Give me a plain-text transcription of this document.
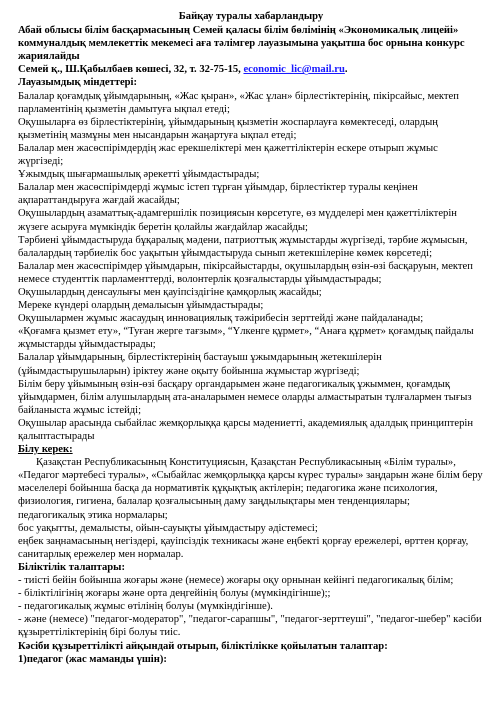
Байқау туралы хабарландыру
Абай облысы білім басқармасының Семей қаласы білім бөлімінің «Экономикалық лицейі» коммуналдық мемлекеттік мекемесі аға тәлімгер лауазымына уақытша бос орнына конкурс жариялайды
Семей қ., Ш.Қабылбаев көшесі, 32, т. 32-75-15, economic_lic@mail.ru.
Лауазымдық міндеттері:

Балалар қоғамдық ұйымдарының, «Жас қыран», «Жас ұлан» бірлестіктерінің, пікірсайыс, мектеп парламентінің қызметін дамытуға ықпал етеді;

Оқушыларға өз бірлестіктерінің, ұйымдарының қызметін жоспарлауға көмектеседі, олардың қызметінің мазмұны мен нысандарын жаңартуға ықпал етеді;

Балалар мен жасөспірімдердің жас ерекшеліктері мен қажеттіліктерін ескере отырып жұмыс жүргізеді;

Ұжымдық шығармашылық әрекетті ұйымдастырады;

Балалар мен жасөспірімдерді жұмыс істеп тұрған ұйымдар, бірлестіктер туралы кеңінен ақпараттандыруға жағдай жасайды;

Оқушылардың азаматтық-адамгершілік позициясын көрсетуге, өз мүдделері мен қажеттіліктерін жүзеге асыруға мүмкіндік беретін қолайлы жағдайлар жасайды;

Тәрбиені ұйымдастыруда бұқаралық мәдени, патриоттық жұмыстарды жүргізеді, тәрбие жұмысын, балалардың тәрбиелік бос уақытын ұйымдастыруда сынып жетекшілеріне көмек көрсетеді;

Балалар мен жасөспірімдер ұйымдарын, пікірсайыстарды, оқушылардың өзін-өзі басқаруын, мектеп немесе студенттік парламенттерді, волонтерлік қозғалыстарды ұйымдастырады;

Оқушылардың денсаулығы мен қауіпсіздігіне қамқорлық жасайды;

Мереке күндері олардың демалысын ұйымдастырады;

Оқушылармен жұмыс жасаудың инновациялық тәжірибесін зерттейді және пайдаланады;

«Қоғамға қызмет ету», “Туған жерге тағзым», “Үлкенге құрмет», “Анаға құрмет» қоғамдық пайдалы жұмыстарды ұйымдастырады;

Балалар ұйымдарының, бірлестіктерінің бастауыш ұжымдарының жетекшілерін (ұйымдастырушыларын) іріктеу және оқыту бойынша жұмыстар жүргізеді;

Білім беру ұйымының өзін-өзі басқару органдарымен және педагогикалық ұжыммен, қоғамдық ұйымдармен, білім алушылардың ата-аналарымен немесе оларды алмастыратын тұлғалармен тығыз байланыста жұмыс істейді;

Оқушылар арасында сыбайлас жемқорлыққа қарсы мәдениетті, академиялық адалдық принциптерін қалыптастырады

Білу керек:

Қазақстан Республикасының Конституциясын, Қазақстан Республикасының «Білім туралы», «Педагог мәртебесі туралы», «Сыбайлас жемқорлыққа қарсы күрес туралы» заңдарын және білім беру мәселелері бойынша басқа да нормативтік құқықтық актілерін; педагогика және психология, физиология, гигиена, балалар қозғалысының даму заңдылықтары мен тенденциялары;

педагогикалық этика нормалары;

бос уақытты, демалысты, ойын-сауықты ұйымдастыру әдістемесі;

еңбек заңнамасының негіздері, қауіпсіздік техникасы және еңбекті қорғау ережелері, өрттен қорғау, санитарлық ережелер мен нормалар.

Біліктілік талаптары:

- тиісті бейін бойынша жоғары және (немесе) жоғары оқу орнынан кейінгі педагогикалық білім;

- біліктілігінің жоғары және орта деңгейінің болуы (мүмкіндігінше);;

- педагогикалық жұмыс өтілінің болуы (мүмкіндігінше).

- және (немесе) "педагог-модератор", "педагог-сарапшы", "педагог-зерттеуші", "педагог-шебер" кәсіби құзыреттіліктерінің бірі болуы тиіс.

Кәсіби құзыреттілікті айқындай отырып, біліктілікке қойылатын талаптар:
1)педагог (жас маманды үшін):
